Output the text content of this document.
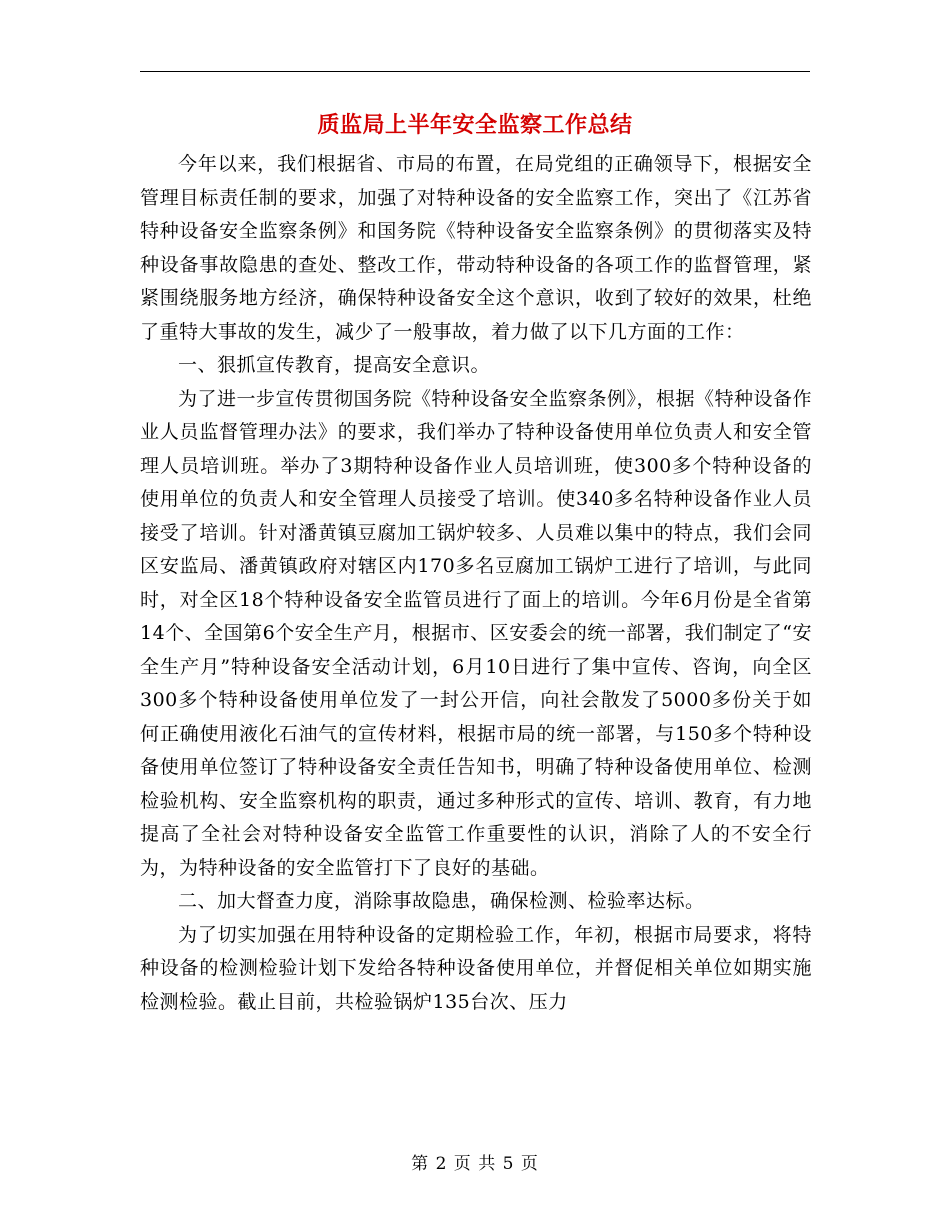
质监局上半年安全监察工作总结

今年以来，我们根据省、市局的布置，在局党组的正确领导下，根据安全管理目标责任制的要求，加强了对特种设备的安全监察工作，突出了《江苏省特种设备安全监察条例》和国务院《特种设备安全监察条例》的贯彻落实及特种设备事故隐患的查处、整改工作，带动特种设备的各项工作的监督管理，紧紧围绕服务地方经济，确保特种设备安全这个意识，收到了较好的效果，杜绝了重特大事故的发生，减少了一般事故，着力做了以下几方面的工作：

一、狠抓宣传教育，提高安全意识。

为了进一步宣传贯彻国务院《特种设备安全监察条例》，根据《特种设备作业人员监督管理办法》的要求，我们举办了特种设备使用单位负责人和安全管理人员培训班。举办了3期特种设备作业人员培训班，使300多个特种设备的使用单位的负责人和安全管理人员接受了培训。使340多名特种设备作业人员接受了培训。针对潘黄镇豆腐加工锅炉较多、人员难以集中的特点，我们会同区安监局、潘黄镇政府对辖区内170多名豆腐加工锅炉工进行了培训，与此同时，对全区18个特种设备安全监管员进行了面上的培训。今年6月份是全省第14个、全国第6个安全生产月，根据市、区安委会的统一部署，我们制定了“安全生产月”特种设备安全活动计划，6月10日进行了集中宣传、咨询，向全区300多个特种设备使用单位发了一封公开信，向社会散发了5000多份关于如何正确使用液化石油气的宣传材料，根据市局的统一部署，与150多个特种设备使用单位签订了特种设备安全责任告知书，明确了特种设备使用单位、检测检验机构、安全监察机构的职责，通过多种形式的宣传、培训、教育，有力地提高了全社会对特种设备安全监管工作重要性的认识，消除了人的不安全行为，为特种设备的安全监管打下了良好的基础。

二、加大督查力度，消除事故隐患，确保检测、检验率达标。

为了切实加强在用特种设备的定期检验工作，年初，根据市局要求，将特种设备的检测检验计划下发给各特种设备使用单位，并督促相关单位如期实施检测检验。截止目前，共检验锅炉135台次、压力

第 2 页 共 5 页
